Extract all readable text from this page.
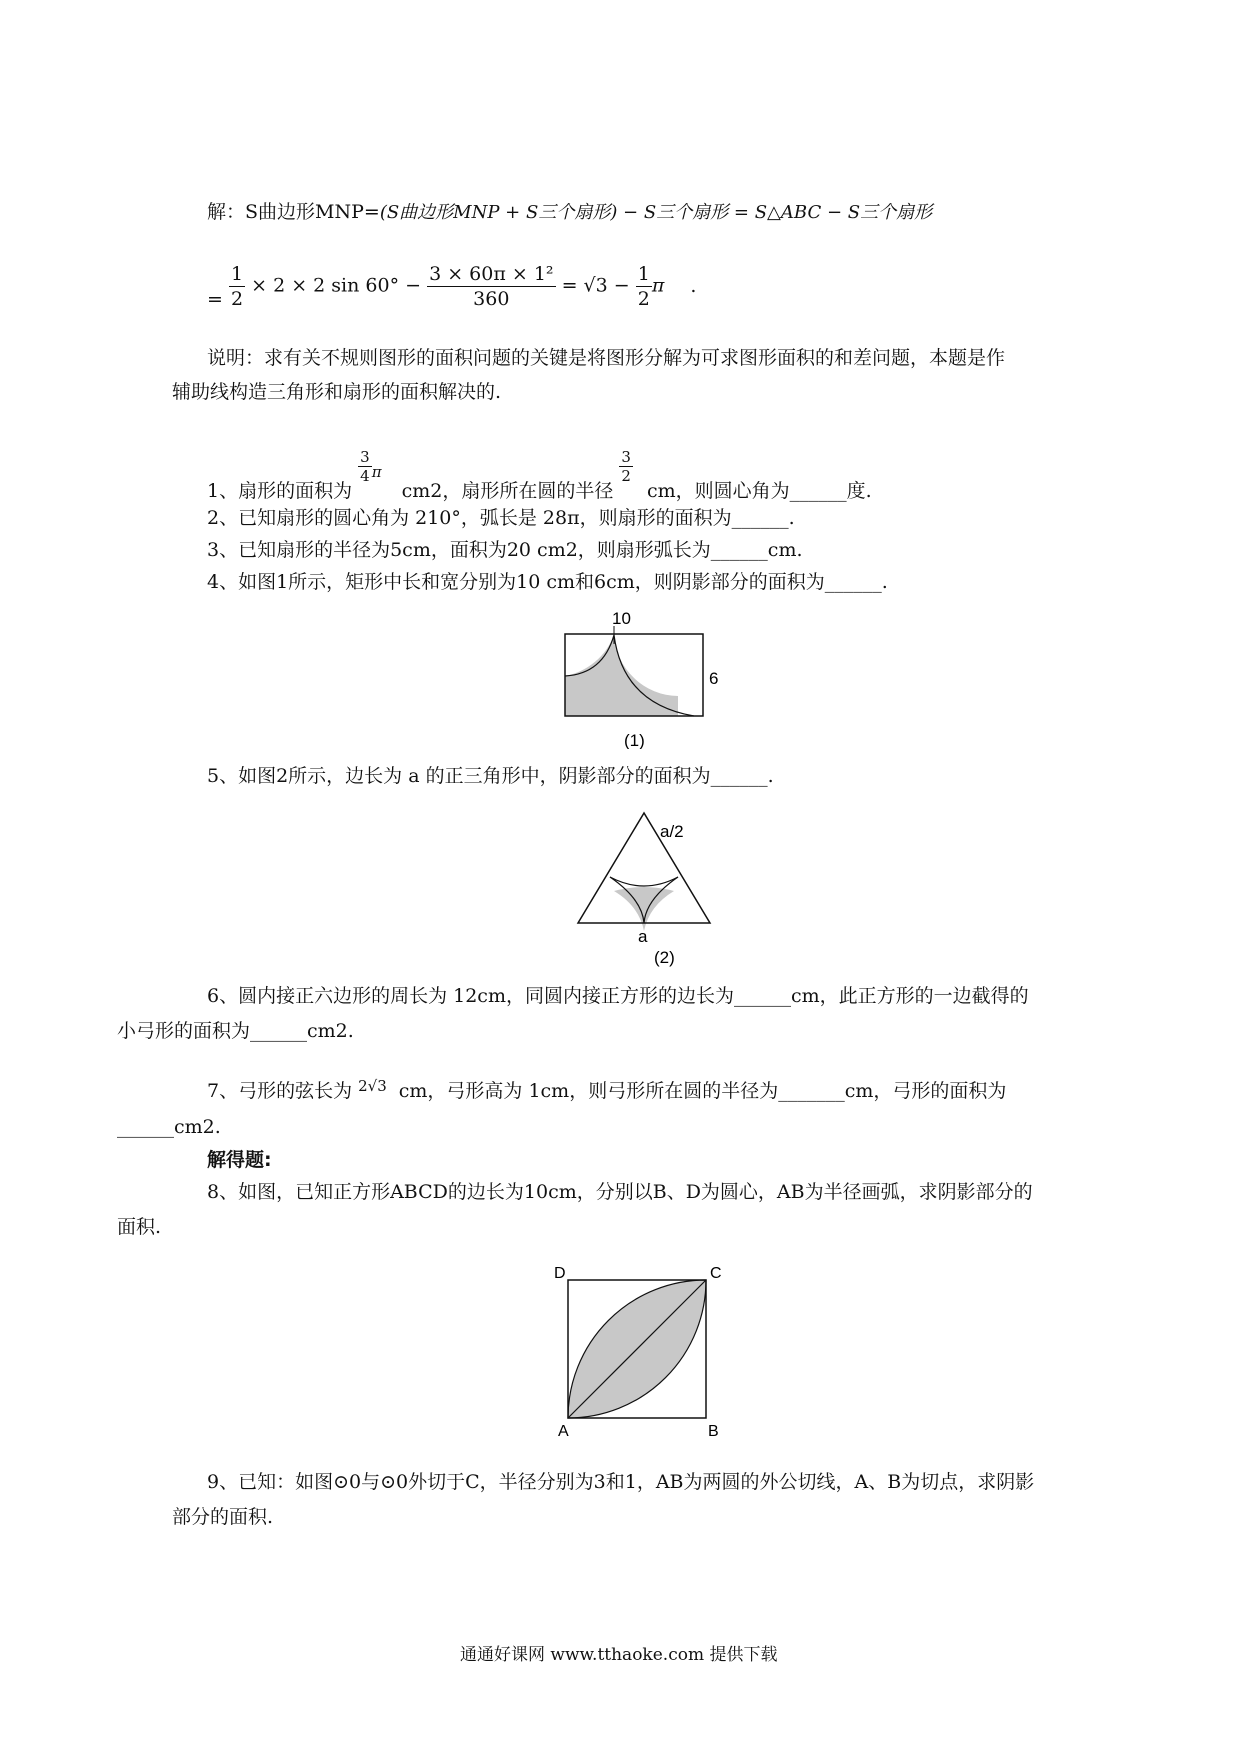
解：S曲边形MNP=(S曲边形MNP + S三个扇形) − S三个扇形 = S△ABC − S三个扇形
= $\frac{1}{2} \times 2 \times 2$ $\sin 60^\circ - \frac{\text{3 × 60π × 1²}}{360} = √3 - \frac{1}{2}$ π .
说明：求有关不规则图形的面积问题的关键是将图形分解为可求图形面积的和差问题，本题是作
辅助线构造三角形和扇形的面积解决的.
1、扇形的面积为
$\frac{3}{4} ^\pi$ cm2，扇形所在圆的半径
$\frac{3}{2}$
cm，则圆心角为______度.
2、已知扇形的圆心角为 210°，弧长是 28π，则扇形的面积为______.
3、已知扇形的半径为5cm，面积为20 cm2，则扇形弧长为______cm.
4、如图1所示，矩形中长和宽分别为10 cm和6cm，则阴影部分的面积为______.
10
6
(1)
5、如图2所示，边长为 a 的正三角形中，阴影部分的面积为______.
a/2
a
(2)
6、圆内接正六边形的周长为 12cm，同圆内接正方形的边长为______cm，此正方形的一边截得的
小弓形的面积为______cm2.
7、弓形的弦长为 $^{2√3}$ cm，弓形高为 1cm，则弓形所在圆的半径为_______cm，弓形的面积为
______cm2.
解得题:
8、如图，已知正方形ABCD的边长为10cm，分别以B、D为圆心，AB为半径画弧，求阴影部分的
面积.
D	C
A	B
9、已知：如图⊙0与⊙0外切于C，半径分别为3和1，AB为两圆的外公切线，A、B为切点，求阴影
部分的面积.
通通好课网 www.tthaoke.com 提供下载
